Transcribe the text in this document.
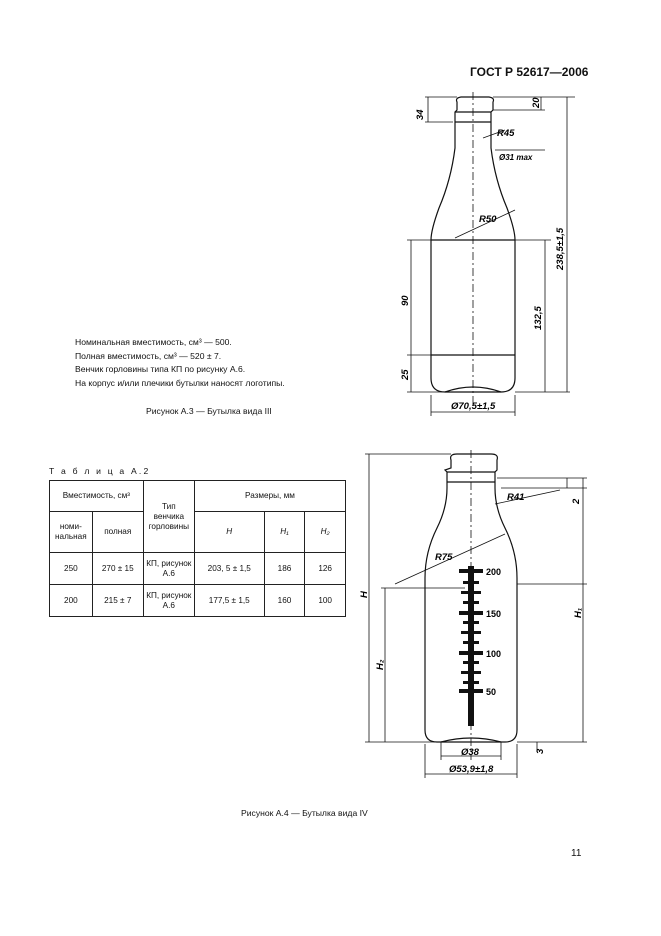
ГОСТ Р 52617—2006
34
20
R45
Ø31 max
R50
238,5±1,5
90
132,5
25
Ø70,5±1,5
Номинальная вместимость, см³ — 500.
Полная вместимость, см³ — 520 ± 7.
Венчик горловины типа КП по рисунку А.6.
На корпус и/или плечики бутылки наносят логотипы.
Рисунок А.3 — Бутылка вида III
Т а б л и ц а А.2
Вместимость, см³		Тип венчика горловины	Размеры, мм		
номи-нальная	полная		H	H₁	H₂
250	270 ± 15	КП, рисунок А.6	203, 5 ± 1,5	186	126
200	215 ± 7	КП, рисунок А.6	177,5 ± 1,5	160	100
200
150
100
50
R41	2
R75
H
H₁
H₂
3
Ø38
Ø53,9±1,8
Рисунок А.4 — Бутылка вида IV
11
